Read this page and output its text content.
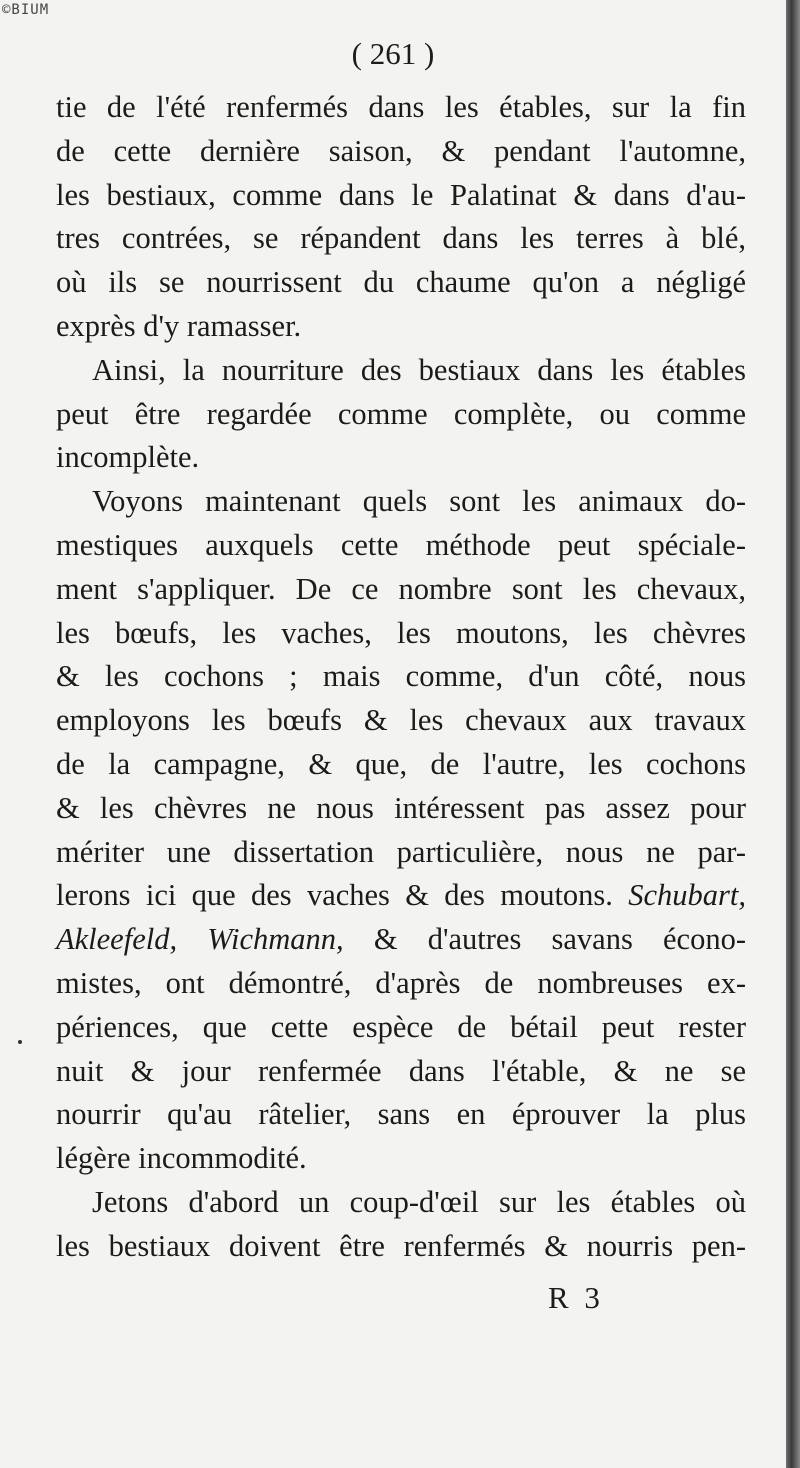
©BIUM
( 261 )
tie de l'été renfermés dans les étables, sur la fin
de cette dernière saison, & pendant l'automne,
les bestiaux, comme dans le Palatinat & dans d'au-
tres contrées, se répandent dans les terres à blé,
où ils se nourrissent du chaume qu'on a négligé
exprès d'y ramasser.
Ainsi, la nourriture des bestiaux dans les étables
peut être regardée comme complète, ou comme
incomplète.
Voyons maintenant quels sont les animaux do-
mestiques auxquels cette méthode peut spéciale-
ment s'appliquer. De ce nombre sont les chevaux,
les bœufs, les vaches, les moutons, les chèvres
& les cochons ; mais comme, d'un côté, nous
employons les bœufs & les chevaux aux travaux
de la campagne, & que, de l'autre, les cochons
& les chèvres ne nous intéressent pas assez pour
mériter une dissertation particulière, nous ne par-
lerons ici que des vaches & des moutons. Schubart,
Akleefeld, Wichmann, & d'autres savans écono-
mistes, ont démontré, d'après de nombreuses ex-
périences, que cette espèce de bétail peut rester
nuit & jour renfermée dans l'étable, & ne se
nourrir qu'au râtelier, sans en éprouver la plus
légère incommodité.
Jetons d'abord un coup-d'œil sur les étables où
les bestiaux doivent être renfermés & nourris pen-
R 3
